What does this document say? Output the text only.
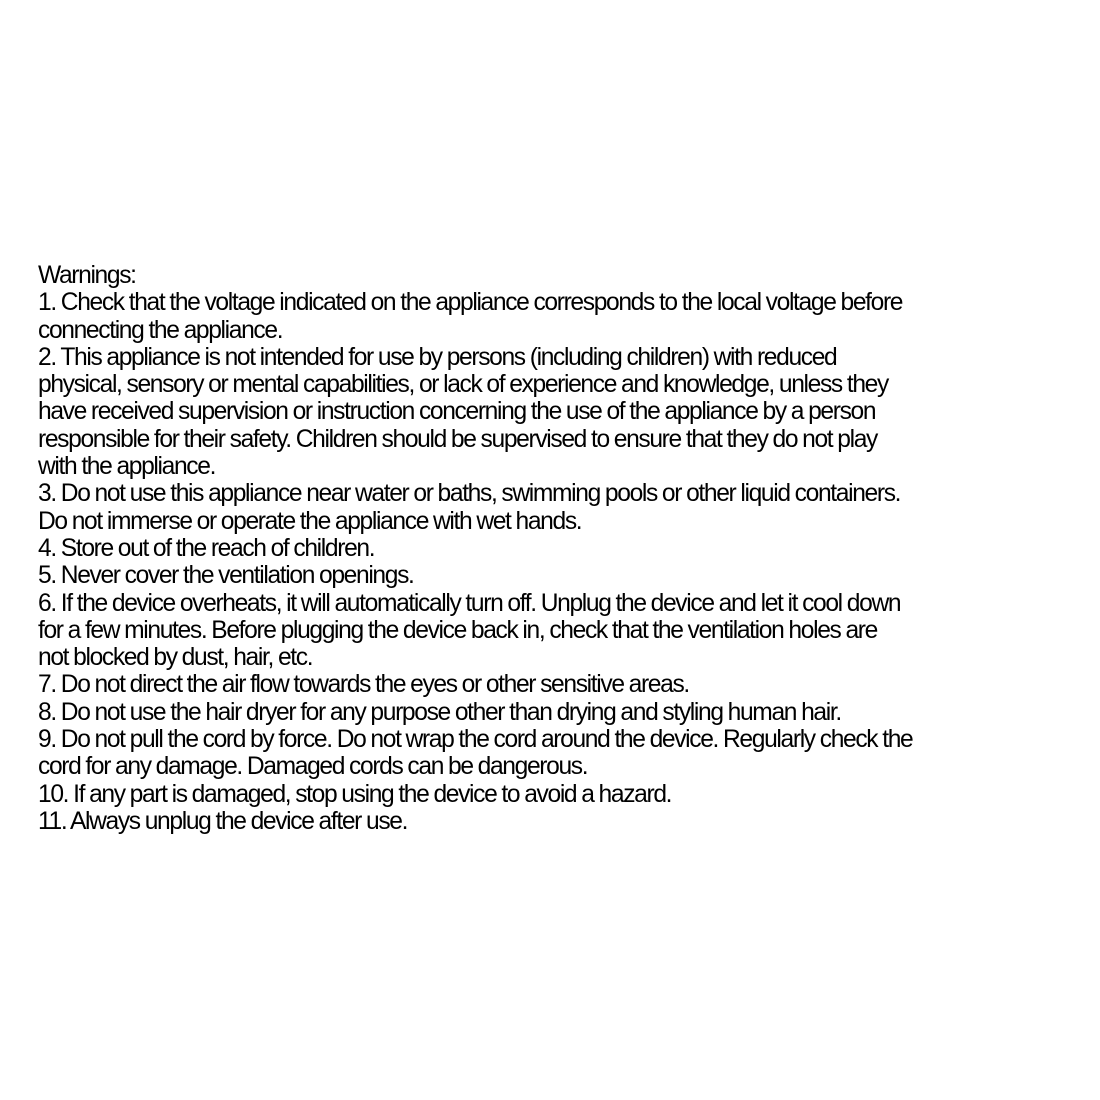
Warnings:
1. Check that the voltage indicated on the appliance corresponds to the local voltage before
connecting the appliance.
2. This appliance is not intended for use by persons (including children) with reduced
physical, sensory or mental capabilities, or lack of experience and knowledge, unless they
have received supervision or instruction concerning the use of the appliance by a person
responsible for their safety. Children should be supervised to ensure that they do not play
with the appliance.
3. Do not use this appliance near water or baths, swimming pools or other liquid containers.
Do not immerse or operate the appliance with wet hands.
4. Store out of the reach of children.
5. Never cover the ventilation openings.
6. If the device overheats, it will automatically turn off. Unplug the device and let it cool down
for a few minutes. Before plugging the device back in, check that the ventilation holes are
not blocked by dust, hair, etc.
7. Do not direct the air flow towards the eyes or other sensitive areas.
8. Do not use the hair dryer for any purpose other than drying and styling human hair.
9. Do not pull the cord by force. Do not wrap the cord around the device. Regularly check the
cord for any damage. Damaged cords can be dangerous.
10. If any part is damaged, stop using the device to avoid a hazard.
11. Always unplug the device after use.
